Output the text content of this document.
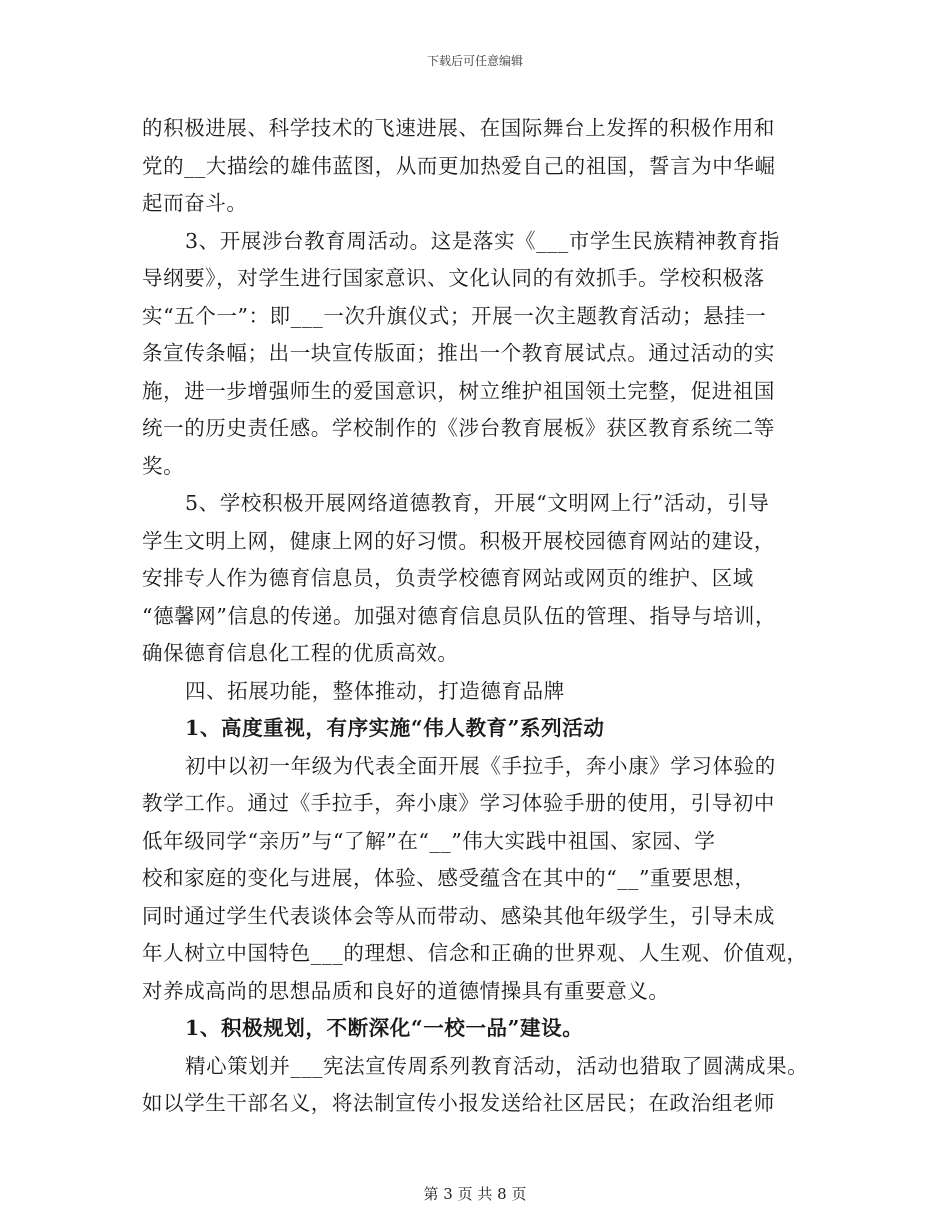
下载后可任意编辑
的积极进展、科学技术的飞速进展、在国际舞台上发挥的积极作用和
党的__大描绘的雄伟蓝图，从而更加热爱自己的祖国，誓言为中华崛
起而奋斗。
3、开展涉台教育周活动。这是落实《___市学生民族精神教育指
导纲要》，对学生进行国家意识、文化认同的有效抓手。学校积极落
实“五个一”：即___一次升旗仪式；开展一次主题教育活动；悬挂一
条宣传条幅；出一块宣传版面；推出一个教育展试点。通过活动的实
施，进一步增强师生的爱国意识，树立维护祖国领土完整，促进祖国
统一的历史责任感。学校制作的《涉台教育展板》获区教育系统二等
奖。
5、学校积极开展网络道德教育，开展“文明网上行”活动，引导
学生文明上网，健康上网的好习惯。积极开展校园德育网站的建设，
安排专人作为德育信息员，负责学校德育网站或网页的维护、区域
“德馨网”信息的传递。加强对德育信息员队伍的管理、指导与培训，
确保德育信息化工程的优质高效。
四、拓展功能，整体推动，打造德育品牌
1、高度重视，有序实施“伟人教育”系列活动
初中以初一年级为代表全面开展《手拉手，奔小康》学习体验的
教学工作。通过《手拉手，奔小康》学习体验手册的使用，引导初中
低年级同学“亲历”与“了解”在“__”伟大实践中祖国、家园、学
校和家庭的变化与进展，体验、感受蕴含在其中的“__”重要思想，
同时通过学生代表谈体会等从而带动、感染其他年级学生，引导未成
年人树立中国特色___的理想、信念和正确的世界观、人生观、价值观，
对养成高尚的思想品质和良好的道德情操具有重要意义。
1、积极规划，不断深化“一校一品”建设。
精心策划并___宪法宣传周系列教育活动，活动也猎取了圆满成果。
如以学生干部名义，将法制宣传小报发送给社区居民；在政治组老师
第 3 页 共 8 页
